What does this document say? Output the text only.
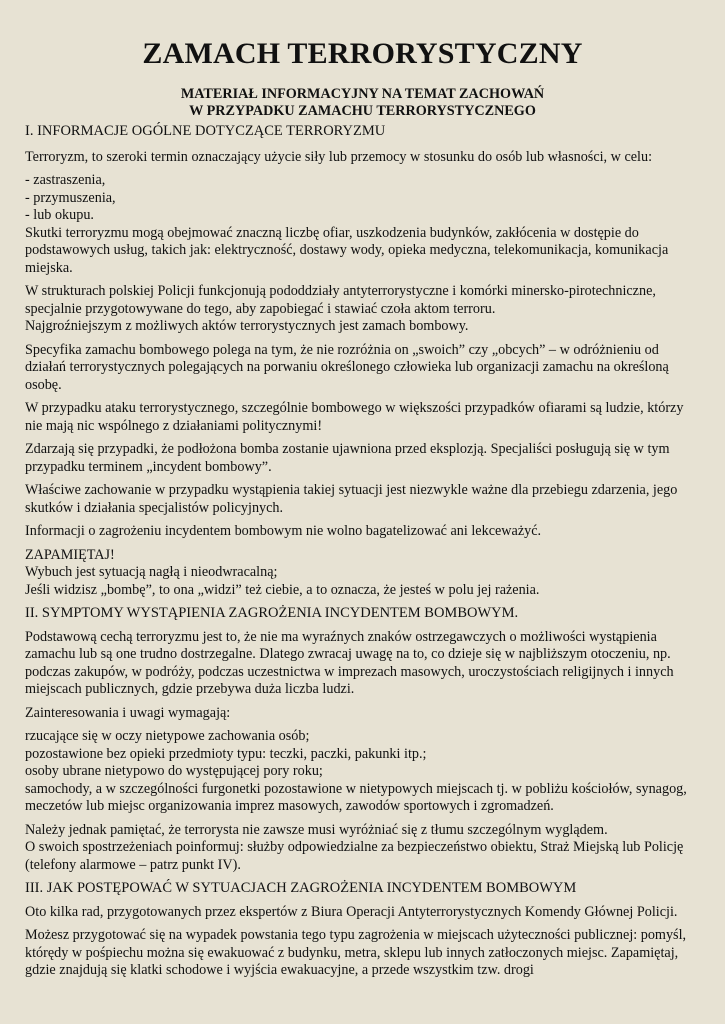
ZAMACH TERRORYSTYCZNY
MATERIAŁ INFORMACYJNY NA TEMAT ZACHOWAŃ
W PRZYPADKU ZAMACHU TERRORYSTYCZNEGO

I. INFORMACJE OGÓLNE DOTYCZĄCE TERRORYZMU

Terroryzm, to szeroki termin oznaczający użycie siły lub przemocy w stosunku do osób lub własności, w celu:

- zastraszenia,

- przymuszenia,

- lub okupu.

Skutki terroryzmu mogą obejmować znaczną liczbę ofiar, uszkodzenia budynków, zakłócenia w dostępie do podstawowych usług, takich jak: elektryczność, dostawy wody, opieka medyczna, telekomunikacja, komunikacja miejska.

W strukturach polskiej Policji funkcjonują pododdziały antyterrorystyczne i komórki minersko-pirotechniczne, specjalnie przygotowywane do tego, aby zapobiegać i stawiać czoła aktom terroru.

Najgroźniejszym z możliwych aktów terrorystycznych jest zamach bombowy.

Specyfika zamachu bombowego polega na tym, że nie rozróżnia on „swoich” czy „obcych” – w odróżnieniu od działań terrorystycznych polegających na porwaniu określonego człowieka lub organizacji zamachu na określoną osobę.

W przypadku ataku terrorystycznego, szczególnie bombowego w większości przypadków ofiarami są ludzie, którzy nie mają nic wspólnego z działaniami politycznymi!

Zdarzają się przypadki, że podłożona bomba zostanie ujawniona przed eksplozją. Specjaliści posługują się w tym przypadku terminem „incydent bombowy”.

Właściwe zachowanie w przypadku wystąpienia takiej sytuacji jest niezwykle ważne dla przebiegu zdarzenia, jego skutków i działania specjalistów policyjnych.

Informacji o zagrożeniu incydentem bombowym nie wolno bagatelizować ani lekceważyć.

ZAPAMIĘTAJ!

Wybuch jest sytuacją nagłą i nieodwracalną;

Jeśli widzisz „bombę”, to ona „widzi” też ciebie, a to oznacza, że jesteś w polu jej rażenia.

II. SYMPTOMY WYSTĄPIENIA ZAGROŻENIA INCYDENTEM BOMBOWYM.

Podstawową cechą terroryzmu jest to, że nie ma wyraźnych znaków ostrzegawczych o możliwości wystąpienia zamachu lub są one trudno dostrzegalne. Dlatego zwracaj uwagę na to, co dzieje się w najbliższym otoczeniu, np. podczas zakupów, w podróży, podczas uczestnictwa w imprezach masowych, uroczystościach religijnych i innych miejscach publicznych, gdzie przebywa duża liczba ludzi.

Zainteresowania i uwagi wymagają:

rzucające się w oczy nietypowe zachowania osób;

pozostawione bez opieki przedmioty typu: teczki, paczki, pakunki itp.;

osoby ubrane nietypowo do występującej pory roku;

samochody, a w szczególności furgonetki pozostawione w nietypowych miejscach tj. w pobliżu kościołów, synagog, meczetów lub miejsc organizowania imprez masowych, zawodów sportowych i zgromadzeń.

Należy jednak pamiętać, że terrorysta nie zawsze musi wyróżniać się z tłumu szczególnym wyglądem.

O swoich spostrzeżeniach poinformuj: służby odpowiedzialne za bezpieczeństwo obiektu, Straż Miejską lub Policję (telefony alarmowe – patrz punkt IV).

III. JAK POSTĘPOWAĆ W SYTUACJACH ZAGROŻENIA INCYDENTEM BOMBOWYM

Oto kilka rad, przygotowanych przez ekspertów z Biura Operacji Antyterrorystycznych Komendy Głównej Policji.

Możesz przygotować się na wypadek powstania tego typu zagrożenia w miejscach użyteczności publicznej: pomyśl, którędy w pośpiechu można się ewakuować z budynku, metra, sklepu lub innych zatłoczonych miejsc. Zapamiętaj, gdzie znajdują się klatki schodowe i wyjścia ewakuacyjne, a przede wszystkim tzw. drogi
